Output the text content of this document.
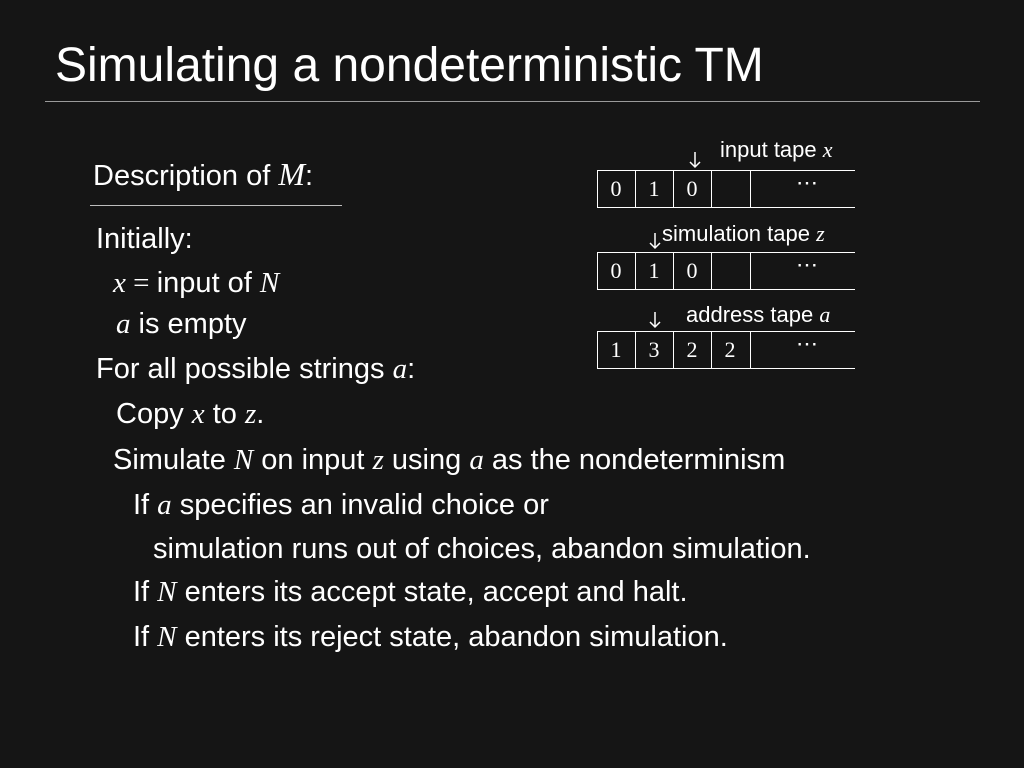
Simulating a nondeterministic TM
Description of M:
input tape x
0	1	0	⋯
simulation tape z
0	1	0	⋯
address tape a
1	3	2	2	⋯
Initially:
x = input of N
a is empty
For all possible strings a:
Copy x to z.
Simulate N on input z using a as the nondeterminism
If a specifies an invalid choice or
simulation runs out of choices, abandon simulation.
If N enters its accept state, accept and halt.
If N enters its reject state, abandon simulation.
